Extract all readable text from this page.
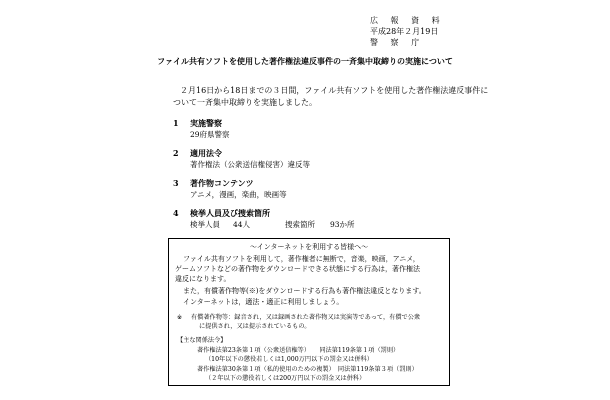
広 報 資 料
平成28年２月19日
警 察 庁
ファイル共有ソフトを使用した著作権法違反事件の一斉集中取締りの実施について
２月16日から18日までの３日間，ファイル共有ソフトを使用した著作権法違反事件に
ついて一斉集中取締りを実施しました。
1 実施警察
29府県警察
2 適用法令
著作権法（公衆送信権侵害）違反等
3 著作物コンテンツ
アニメ，漫画，楽曲，映画等
4 検挙人員及び捜索箇所
検挙人員 44人	捜索箇所 93か所
～インターネットを利用する皆様へ～
ファイル共有ソフトを利用して，著作権者に無断で，音楽，映画，アニメ，
ゲームソフトなどの著作物をダウンロードできる状態にする行為は，著作権法
違反になります。
また，有償著作物等(※)をダウンロードする行為も著作権法違反となります。
インターネットは，適法・適正に利用しましょう。
※ 有償著作物等：録音され，又は録画された著作物又は実演等であって，有償で公衆
に提供され，又は提示されているもの。
【主な関係法令】
著作権法第23条第１項（公衆送信権等）　　同法第119条第１項（罰則）
（10年以下の懲役若しくは1,000万円以下の罰金又は併科）
著作権法第30条第１項（私的使用のための複製）　同法第119条第３項（罰則）
（２年以下の懲役若しくは200万円以下の罰金又は併科）
